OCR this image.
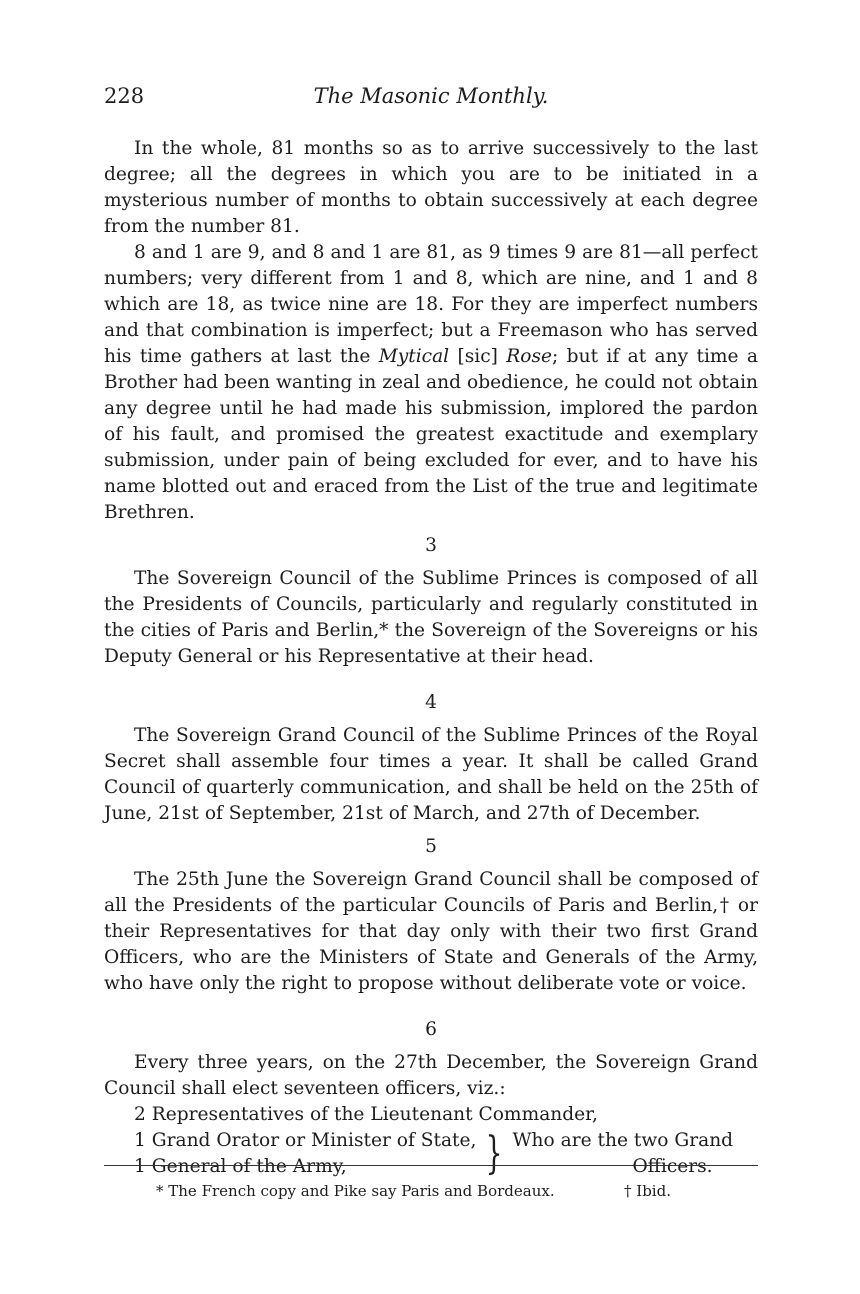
228	The Masonic Monthly.

In the whole, 81 months so as to arrive successively to the last degree; all the degrees in which you are to be initiated in a mysterious number of months to obtain successively at each degree from the number 81.

8 and 1 are 9, and 8 and 1 are 81, as 9 times 9 are 81—all perfect numbers; very different from 1 and 8, which are nine, and 1 and 8 which are 18, as twice nine are 18. For they are imperfect numbers and that combination is imperfect; but a Freemason who has served his time gathers at last the Mytical [sic] Rose; but if at any time a Brother had been wanting in zeal and obedience, he could not obtain any degree until he had made his submission, implored the pardon of his fault, and promised the greatest exactitude and exemplary submission, under pain of being excluded for ever, and to have his name blotted out and eraced from the List of the true and legitimate Brethren.

3

The Sovereign Council of the Sublime Princes is composed of all the Presidents of Councils, particularly and regularly constituted in the cities of Paris and Berlin,* the Sovereign of the Sovereigns or his Deputy General or his Representative at their head.

4

The Sovereign Grand Council of the Sublime Princes of the Royal Secret shall assemble four times a year. It shall be called Grand Council of quarterly communication, and shall be held on the 25th of June, 21st of September, 21st of March, and 27th of December.

5

The 25th June the Sovereign Grand Council shall be composed of all the Presidents of the particular Councils of Paris and Berlin,† or their Representatives for that day only with their two first Grand Officers, who are the Ministers of State and Generals of the Army, who have only the right to propose without deliberate vote or voice.

6

Every three years, on the 27th December, the Sovereign Grand Council shall elect seventeen officers, viz.:

2 Representatives of the Lieutenant Commander,
1 Grand Orator or Minister of State,
1 General of the Army,	} Who are the two Grand
Officers.
* The French copy and Pike say Paris and Bordeaux.	† Ibid.
